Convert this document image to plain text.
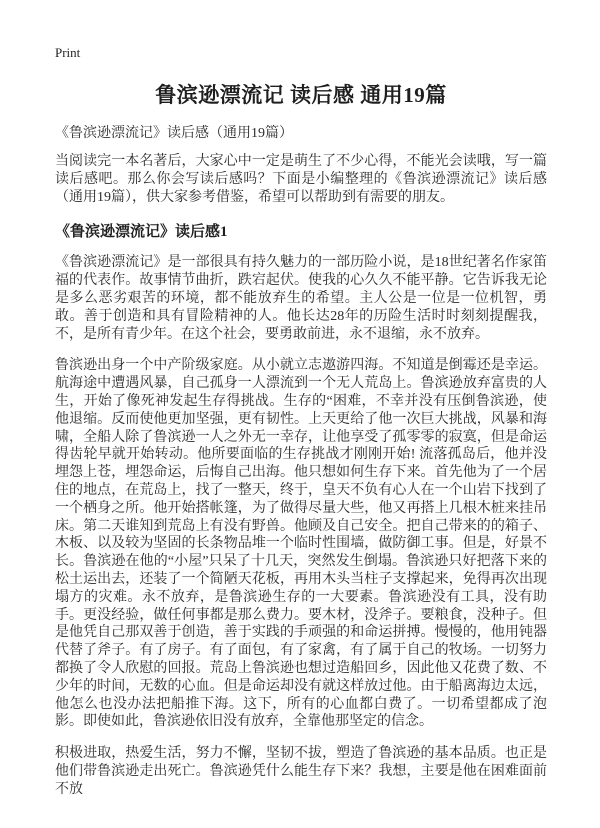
Print
鲁滨逊漂流记 读后感 通用19篇
《鲁滨逊漂流记》读后感（通用19篇）

当阅读完一本名著后，大家心中一定是萌生了不少心得，不能光会读哦，写一篇读后感吧。那么你会写读后感吗？下面是小编整理的《鲁滨逊漂流记》读后感（通用19篇），供大家参考借鉴，希望可以帮助到有需要的朋友。

《鲁滨逊漂流记》读后感1

《鲁滨逊漂流记》是一部很具有持久魅力的一部历险小说，是18世纪著名作家笛福的代表作。故事情节曲折，跌宕起伏。使我的心久久不能平静。它告诉我无论是多么恶劣艰苦的环境，都不能放弃生的希望。主人公是一位是一位机智，勇敢。善于创造和具有冒险精神的人。他长达28年的历险生活时时刻刻提醒我，不，是所有青少年。在这个社会，要勇敢前进，永不退缩，永不放弃。

鲁滨逊出身一个中产阶级家庭。从小就立志遨游四海。不知道是倒霉还是幸运。航海途中遭遇风暴，自己孤身一人漂流到一个无人荒岛上。鲁滨逊放弃富贵的人生，开始了像死神发起生存得挑战。生存的“困难，不幸并没有压倒鲁滨逊，使他退缩。反而使他更加坚强，更有韧性。上天更给了他一次巨大挑战，风暴和海啸，全船人除了鲁滨逊一人之外无一幸存，让他享受了孤零零的寂寞，但是命运得齿轮早就开始转动。他所要面临的生存挑战才刚刚开始! 流落孤岛后，他并没埋怨上苍，埋怨命运，后悔自己出海。他只想如何生存下来。首先他为了一个居住的地点，在荒岛上，找了一整天，终于，皇天不负有心人在一个山岩下找到了一个栖身之所。他开始搭帐篷，为了做得尽量大些，他又再搭上几根木桩来挂吊床。第二天谁知到荒岛上有没有野兽。他顾及自己安全。把自己带来的的箱子、木板、以及较为坚固的长条物品堆一个临时性围墙，做防御工事。但是，好景不长。鲁滨逊在他的“小屋”只呆了十几天，突然发生倒塌。鲁滨逊只好把落下来的松土运出去，还装了一个简陋天花板，再用木头当柱子支撑起来，免得再次出现塌方的灾难。永不放弃，是鲁滨逊生存的一大要素。鲁滨逊没有工具，没有助手。更没经验，做任何事都是那么费力。要木材，没斧子。要粮食，没种子。但是他凭自己那双善于创造，善于实践的手顽强的和命运拼搏。慢慢的，他用钝器代替了斧子。有了房子。有了面包，有了家禽，有了属于自己的牧场。一切努力都换了令人欣慰的回报。荒岛上鲁滨逊也想过造船回乡，因此他又花费了数、不少年的时间，无数的心血。但是命运却没有就这样放过他。由于船离海边太远，他怎么也没办法把船推下海。这下，所有的心血都白费了。一切希望都成了泡影。即使如此，鲁滨逊依旧没有放弃，全靠他那坚定的信念。

积极进取，热爱生活，努力不懈，坚韧不拔，塑造了鲁滨逊的基本品质。也正是他们带鲁滨逊走出死亡。鲁滨逊凭什么能生存下来？我想，主要是他在困难面前不放
